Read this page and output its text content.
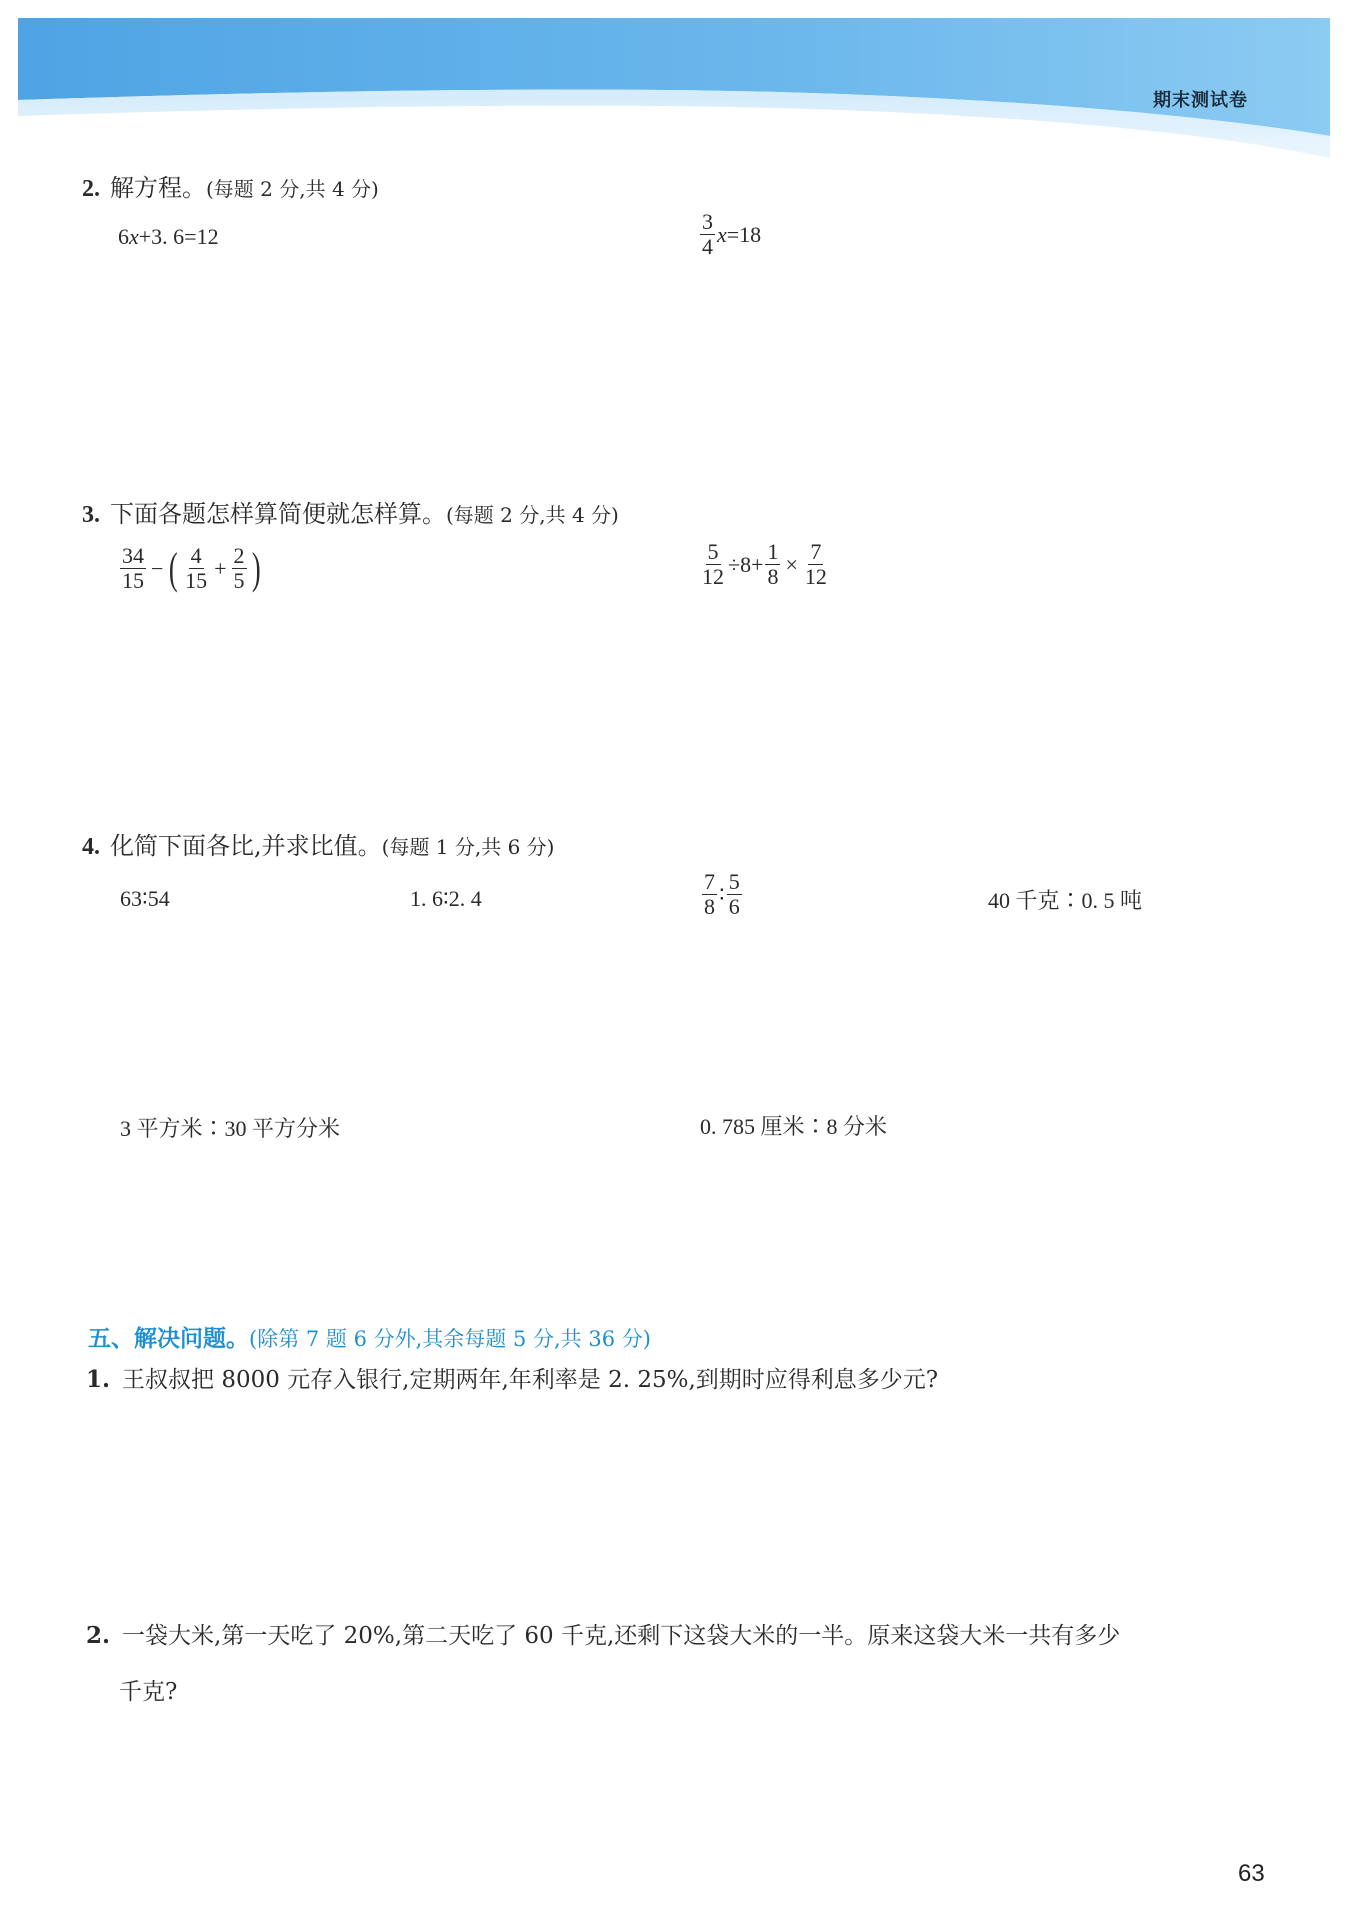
期末测试卷
2. 解方程。(每题 2 分,共 4 分)
6 x +3. 6=12	$\frac{3}{4}$ x =18
3. 下面各题怎样算简便就怎样算。(每题 2 分,共 4 分)
$\frac{34}{15}$ − ( $\frac{4}{15} + \frac{2}{5}$ )	$\frac{5}{12} \div 8+ \frac{1}{8} \times \frac{7}{12}$
4. 化简下面各比,并求比值。(每题 1 分,共 6 分)
63∶54	1. 6∶2. 4	$\frac{7}{8}$ ∶ $\frac{5}{6}$	40 千克∶0. 5 吨
3 平方米∶30 平方分米	0. 785 厘米∶8 分米
五、解决问题。(除第 7 题 6 分外,其余每题 5 分,共 36 分)
1. 王叔叔把 8000 元存入银行,定期两年,年利率是 2. 25%,到期时应得利息多少元?
2. 一袋大米,第一天吃了 20%,第二天吃了 60 千克,还剩下这袋大米的一半。原来这袋大米一共有多少
千克?
63
